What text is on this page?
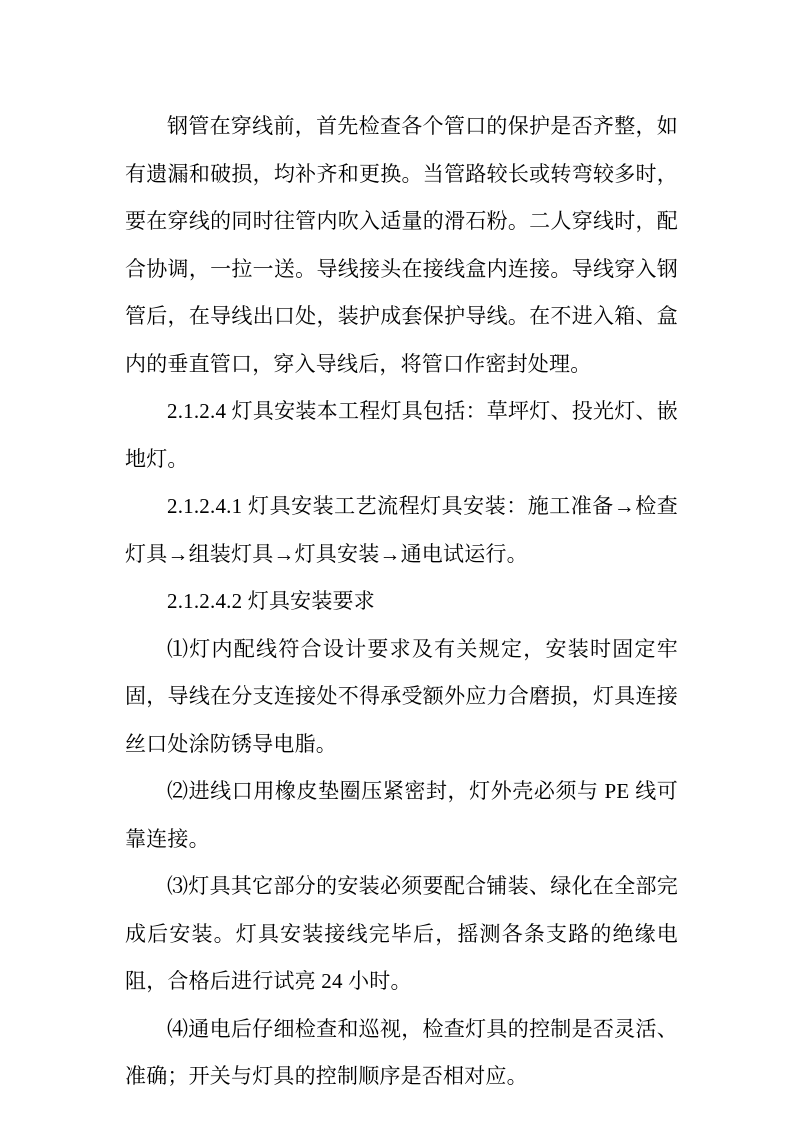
钢管在穿线前，首先检查各个管口的保护是否齐整，如有遗漏和破损，均补齐和更换。当管路较长或转弯较多时，要在穿线的同时往管内吹入适量的滑石粉。二人穿线时，配合协调，一拉一送。导线接头在接线盒内连接。导线穿入钢管后，在导线出口处，装护成套保护导线。在不进入箱、盒内的垂直管口，穿入导线后，将管口作密封处理。

2.1.2.4 灯具安装本工程灯具包括：草坪灯、投光灯、嵌地灯。

2.1.2.4.1 灯具安装工艺流程灯具安装：施工准备→检查灯具→组装灯具→灯具安装→通电试运行。

2.1.2.4.2 灯具安装要求

⑴灯内配线符合设计要求及有关规定，安装时固定牢固，导线在分支连接处不得承受额外应力合磨损，灯具连接丝口处涂防锈导电脂。

⑵进线口用橡皮垫圈压紧密封，灯外壳必须与 PE 线可靠连接。

⑶灯具其它部分的安装必须要配合铺装、绿化在全部完成后安装。灯具安装接线完毕后，摇测各条支路的绝缘电阻，合格后进行试亮 24 小时。

⑷通电后仔细检查和巡视，检查灯具的控制是否灵活、准确；开关与灯具的控制顺序是否相对应。
